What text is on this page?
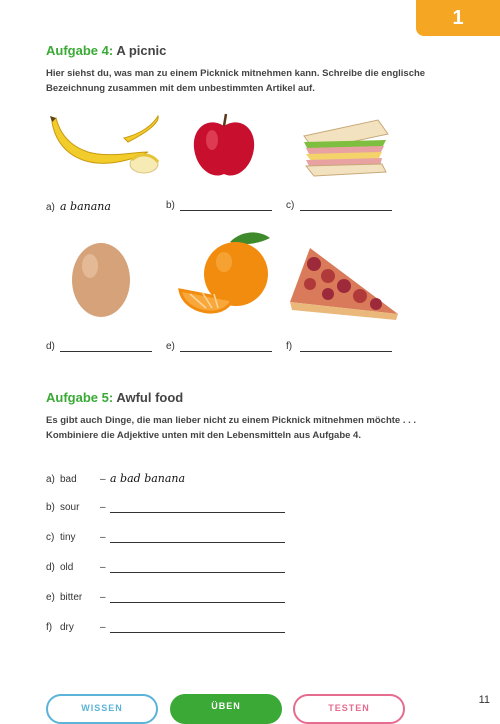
1
Aufgabe 4: A picnic
Hier siehst du, was man zu einem Picknick mitnehmen kann. Schreibe die englische Bezeichnung zusammen mit dem unbestimmten Artikel auf.
a) a banana	b)	c)
d)	e)	f)
Aufgabe 5: Awful food
Es gibt auch Dinge, die man lieber nicht zu einem Picknick mitnehmen möchte . . . Kombiniere die Adjektive unten mit den Lebensmitteln aus Aufgabe 4.
a) bad	– a bad banana
b) sour	–
c) tiny	–
d) old	–
e) bitter	–
f) dry	–
WISSEN	ÜBEN	TESTEN
11
